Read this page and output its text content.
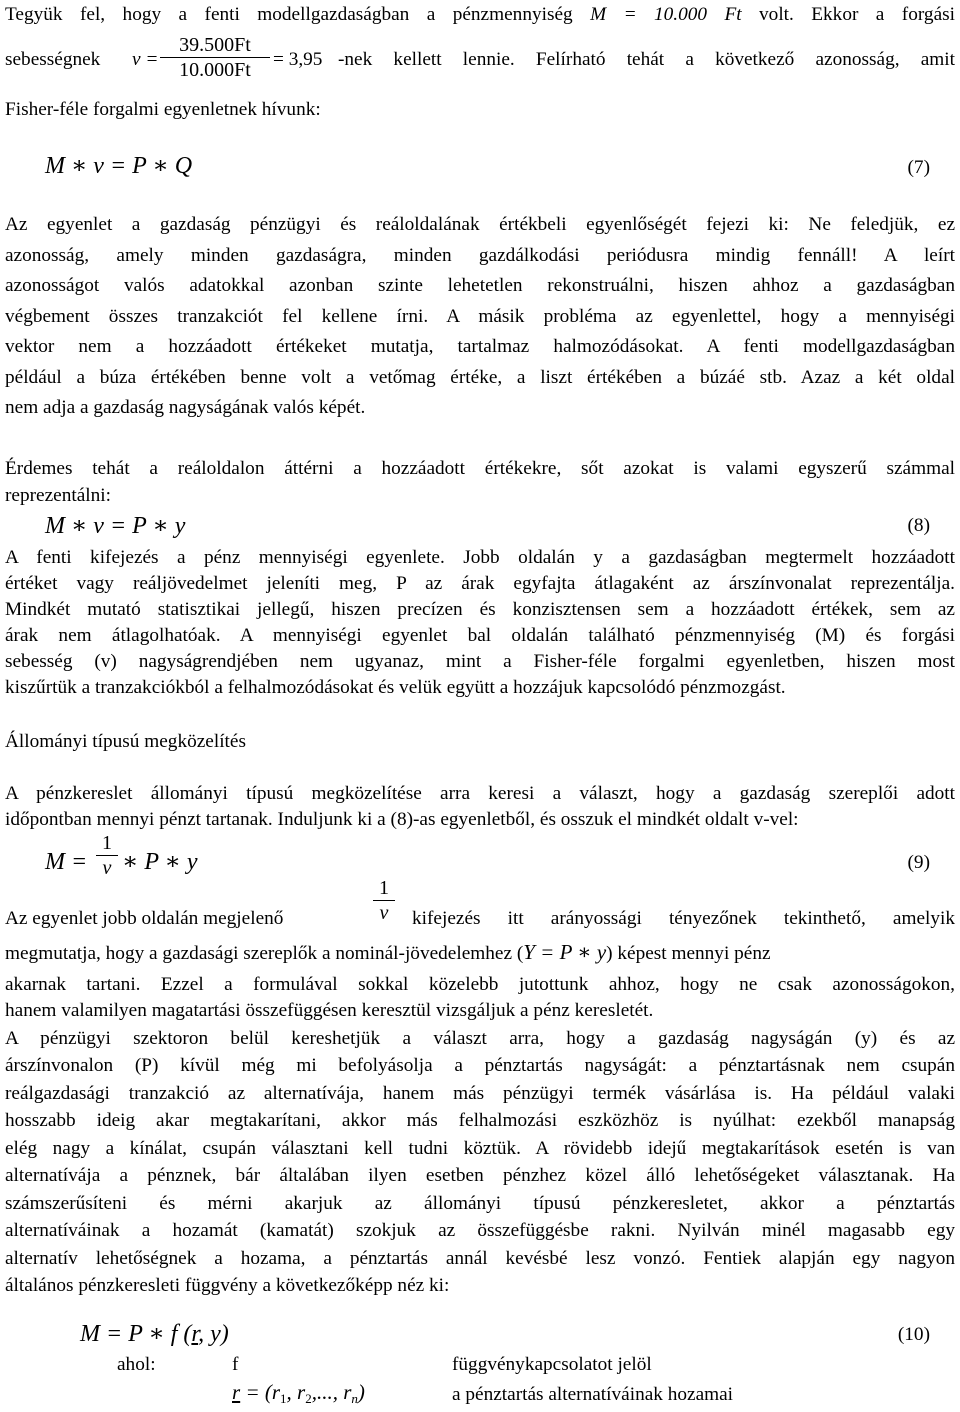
Tegyük fel, hogy a fenti modellgazdaságban a pénzmennyiség M = 10.000 Ft volt. Ekkor a forgási
sebességnek	v =
39.500Ft
10.000Ft	= 3,95 -nek kellett lennie. Felírható tehát a következő azonosság, amit
Fisher-féle forgalmi egyenletnek hívunk:
M ∗ v = P ∗ Q	(7)
Az egyenlet a gazdaság pénzügyi és reáloldalának értékbeli egyenlőségét fejezi ki: Ne feledjük, ez
azonosság, amely minden gazdaságra, minden gazdálkodási periódusra mindig fennáll! A leírt
azonosságot valós adatokkal azonban szinte lehetetlen rekonstruálni, hiszen ahhoz a gazdaságban
végbement összes tranzakciót fel kellene írni. A másik probléma az egyenlettel, hogy a mennyiségi
vektor nem a hozzáadott értékeket mutatja, tartalmaz halmozódásokat. A fenti modellgazdaságban
például a búza értékében benne volt a vetőmag értéke, a liszt értékében a búzáé stb. Azaz a két oldal
nem adja a gazdaság nagyságának valós képét.
Érdemes tehát a reáloldalon áttérni a hozzáadott értékekre, sőt azokat is valami egyszerű számmal
reprezentálni:
M ∗ v = P ∗ y	(8)
A fenti kifejezés a pénz mennyiségi egyenlete. Jobb oldalán y a gazdaságban megtermelt hozzáadott
értéket vagy reáljövedelmet jeleníti meg, P az árak egyfajta átlagaként az árszínvonalat reprezentálja.
Mindkét mutató statisztikai jellegű, hiszen precízen és konzisztensen sem a hozzáadott értékek, sem az
árak nem átlagolhatóak. A mennyiségi egyenlet bal oldalán található pénzmennyiség (M) és forgási
sebesség (v) nagyságrendjében nem ugyanaz, mint a Fisher-féle forgalmi egyenletben, hiszen most
kiszűrtük a tranzakciókból a felhalmozódásokat és velük együtt a hozzájuk kapcsolódó pénzmozgást.
Állományi típusú megközelítés
A pénzkereslet állományi típusú megközelítése arra keresi a választ, hogy a gazdaság szereplői adott
időpontban mennyi pénzt tartanak. Induljunk ki a (8)-as egyenletből, és osszuk el mindkét oldalt v-vel:
M =
1
v ∗ P ∗ y	(9)
Az egyenlet jobb oldalán megjelenő
1
v	kifejezés itt arányossági tényezőnek tekinthető, amelyik
megmutatja, hogy a gazdasági szereplők a nominál-jövedelemhez (Y = P ∗ y) képest mennyi pénz
akarnak tartani. Ezzel a formulával sokkal közelebb jutottunk ahhoz, hogy ne csak azonosságokon,
hanem valamilyen magatartási összefüggésen keresztül vizsgáljuk a pénz keresletét.
A pénzügyi szektoron belül kereshetjük a választ arra, hogy a gazdaság nagyságán (y) és az
árszínvonalon (P) kívül még mi befolyásolja a pénztartás nagyságát: a pénztartásnak nem csupán
reálgazdasági tranzakció az alternatívája, hanem más pénzügyi termék vásárlása is. Ha például valaki
hosszabb ideig akar megtakarítani, akkor más felhalmozási eszközhöz is nyúlhat: ezekből manapság
elég nagy a kínálat, csupán választani kell tudni köztük. A rövidebb idejű megtakarítások esetén is van
alternatívája a pénznek, bár általában ilyen esetben pénzhez közel álló lehetőségeket választanak. Ha
számszerűsíteni és mérni akarjuk az állományi típusú pénzkeresletet, akkor a pénztartás
alternatíváinak a hozamát (kamatát) szokjuk az összefüggésbe rakni. Nyilván minél magasabb egy
alternatív lehetőségnek a hozama, a pénztartás annál kevésbé lesz vonzó. Fentiek alapján egy nagyon
általános pénzkeresleti függvény a következőképp néz ki:
M = P ∗ f (r, y)	(10)
ahol:	f	függvénykapcsolatot jelöl
$r = (r_1$, $r_2$,..., $r_n$)	a pénztartás alternatíváinak hozamai
